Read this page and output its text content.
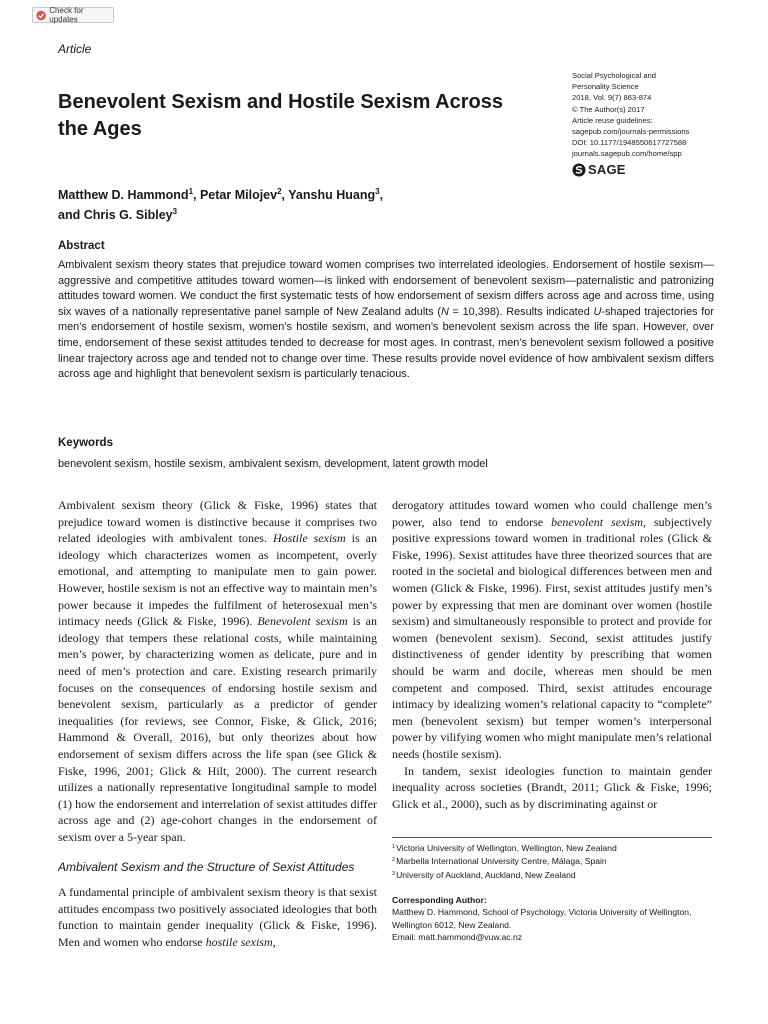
Check for updates
Article
Social Psychological and
Personality Science
2018, Vol. 9(7) 863-874
© The Author(s) 2017
Article reuse guidelines:
sagepub.com/journals-permissions
DOI: 10.1177/1948550617727588
journals.sagepub.com/home/spp
SAGE
Benevolent Sexism and Hostile Sexism Across the Ages
Matthew D. Hammond$^1$, Petar Milojev$^2$, Yanshu Huang$^3$,
and Chris G. Sibley$^3$
Abstract
Ambivalent sexism theory states that prejudice toward women comprises two interrelated ideologies. Endorsement of hostile sexism—aggressive and competitive attitudes toward women—is linked with endorsement of benevolent sexism—paternalistic and patronizing attitudes toward women. We conduct the first systematic tests of how endorsement of sexism differs across age and across time, using six waves of a nationally representative panel sample of New Zealand adults (N = 10,398). Results indicated U-shaped trajectories for men’s endorsement of hostile sexism, women’s hostile sexism, and women’s benevolent sexism across the life span. However, over time, endorsement of these sexist attitudes tended to decrease for most ages. In contrast, men’s benevolent sexism followed a positive linear trajectory across age and tended not to change over time. These results provide novel evidence of how ambivalent sexism differs across age and highlight that benevolent sexism is particularly tenacious.
Keywords
benevolent sexism, hostile sexism, ambivalent sexism, development, latent growth model

Ambivalent sexism theory (Glick & Fiske, 1996) states that prejudice toward women is distinctive because it comprises two related ideologies with ambivalent tones. Hostile sexism is an ideology which characterizes women as incompetent, overly emotional, and attempting to manipulate men to gain power. However, hostile sexism is not an effective way to maintain men’s power because it impedes the fulfilment of heterosexual men’s intimacy needs (Glick & Fiske, 1996). Benevolent sexism is an ideology that tempers these relational costs, while maintaining men’s power, by characterizing women as delicate, pure and in need of men’s protection and care. Existing research primarily focuses on the consequences of endorsing hostile sexism and benevolent sexism, particularly as a predictor of gender inequalities (for reviews, see Connor, Fiske, & Glick, 2016; Hammond & Overall, 2016), but only theorizes about how endorsement of sexism differs across the life span (see Glick & Fiske, 1996, 2001; Glick & Hilt, 2000). The current research utilizes a nationally representative longitudinal sample to model (1) how the endorsement and interrelation of sexist attitudes differ across age and (2) age-cohort changes in the endorsement of sexism over a 5-year span.

Ambivalent Sexism and the Structure of Sexist Attitudes

A fundamental principle of ambivalent sexism theory is that sexist attitudes encompass two positively associated ideologies that both function to maintain gender inequality (Glick & Fiske, 1996). Men and women who endorse hostile sexism,

derogatory attitudes toward women who could challenge men’s power, also tend to endorse benevolent sexism, subjectively positive expressions toward women in traditional roles (Glick & Fiske, 1996). Sexist attitudes have three theorized sources that are rooted in the societal and biological differences between men and women (Glick & Fiske, 1996). First, sexist attitudes justify men’s power by expressing that men are dominant over women (hostile sexism) and simultaneously responsible to protect and provide for women (benevolent sexism). Second, sexist attitudes justify distinctiveness of gender identity by prescribing that women should be warm and docile, whereas men should be men competent and composed. Third, sexist attitudes encourage intimacy by idealizing women’s relational capacity to “complete” men (benevolent sexism) but temper women’s interpersonal power by vilifying women who might manipulate men’s relational needs (hostile sexism).

In tandem, sexist ideologies function to maintain gender inequality across societies (Brandt, 2011; Glick & Fiske, 1996; Glick et al., 2000), such as by discriminating against or

$^1$Victoria University of Wellington, Wellington, New Zealand
$^2$Marbella International University Centre, Málaga, Spain
$^3$University of Auckland, Auckland, New Zealand
Corresponding Author:
Matthew D. Hammond, School of Psychology, Victoria University of Wellington, Wellington 6012, New Zealand.
Email: matt.hammond@vuw.ac.nz
